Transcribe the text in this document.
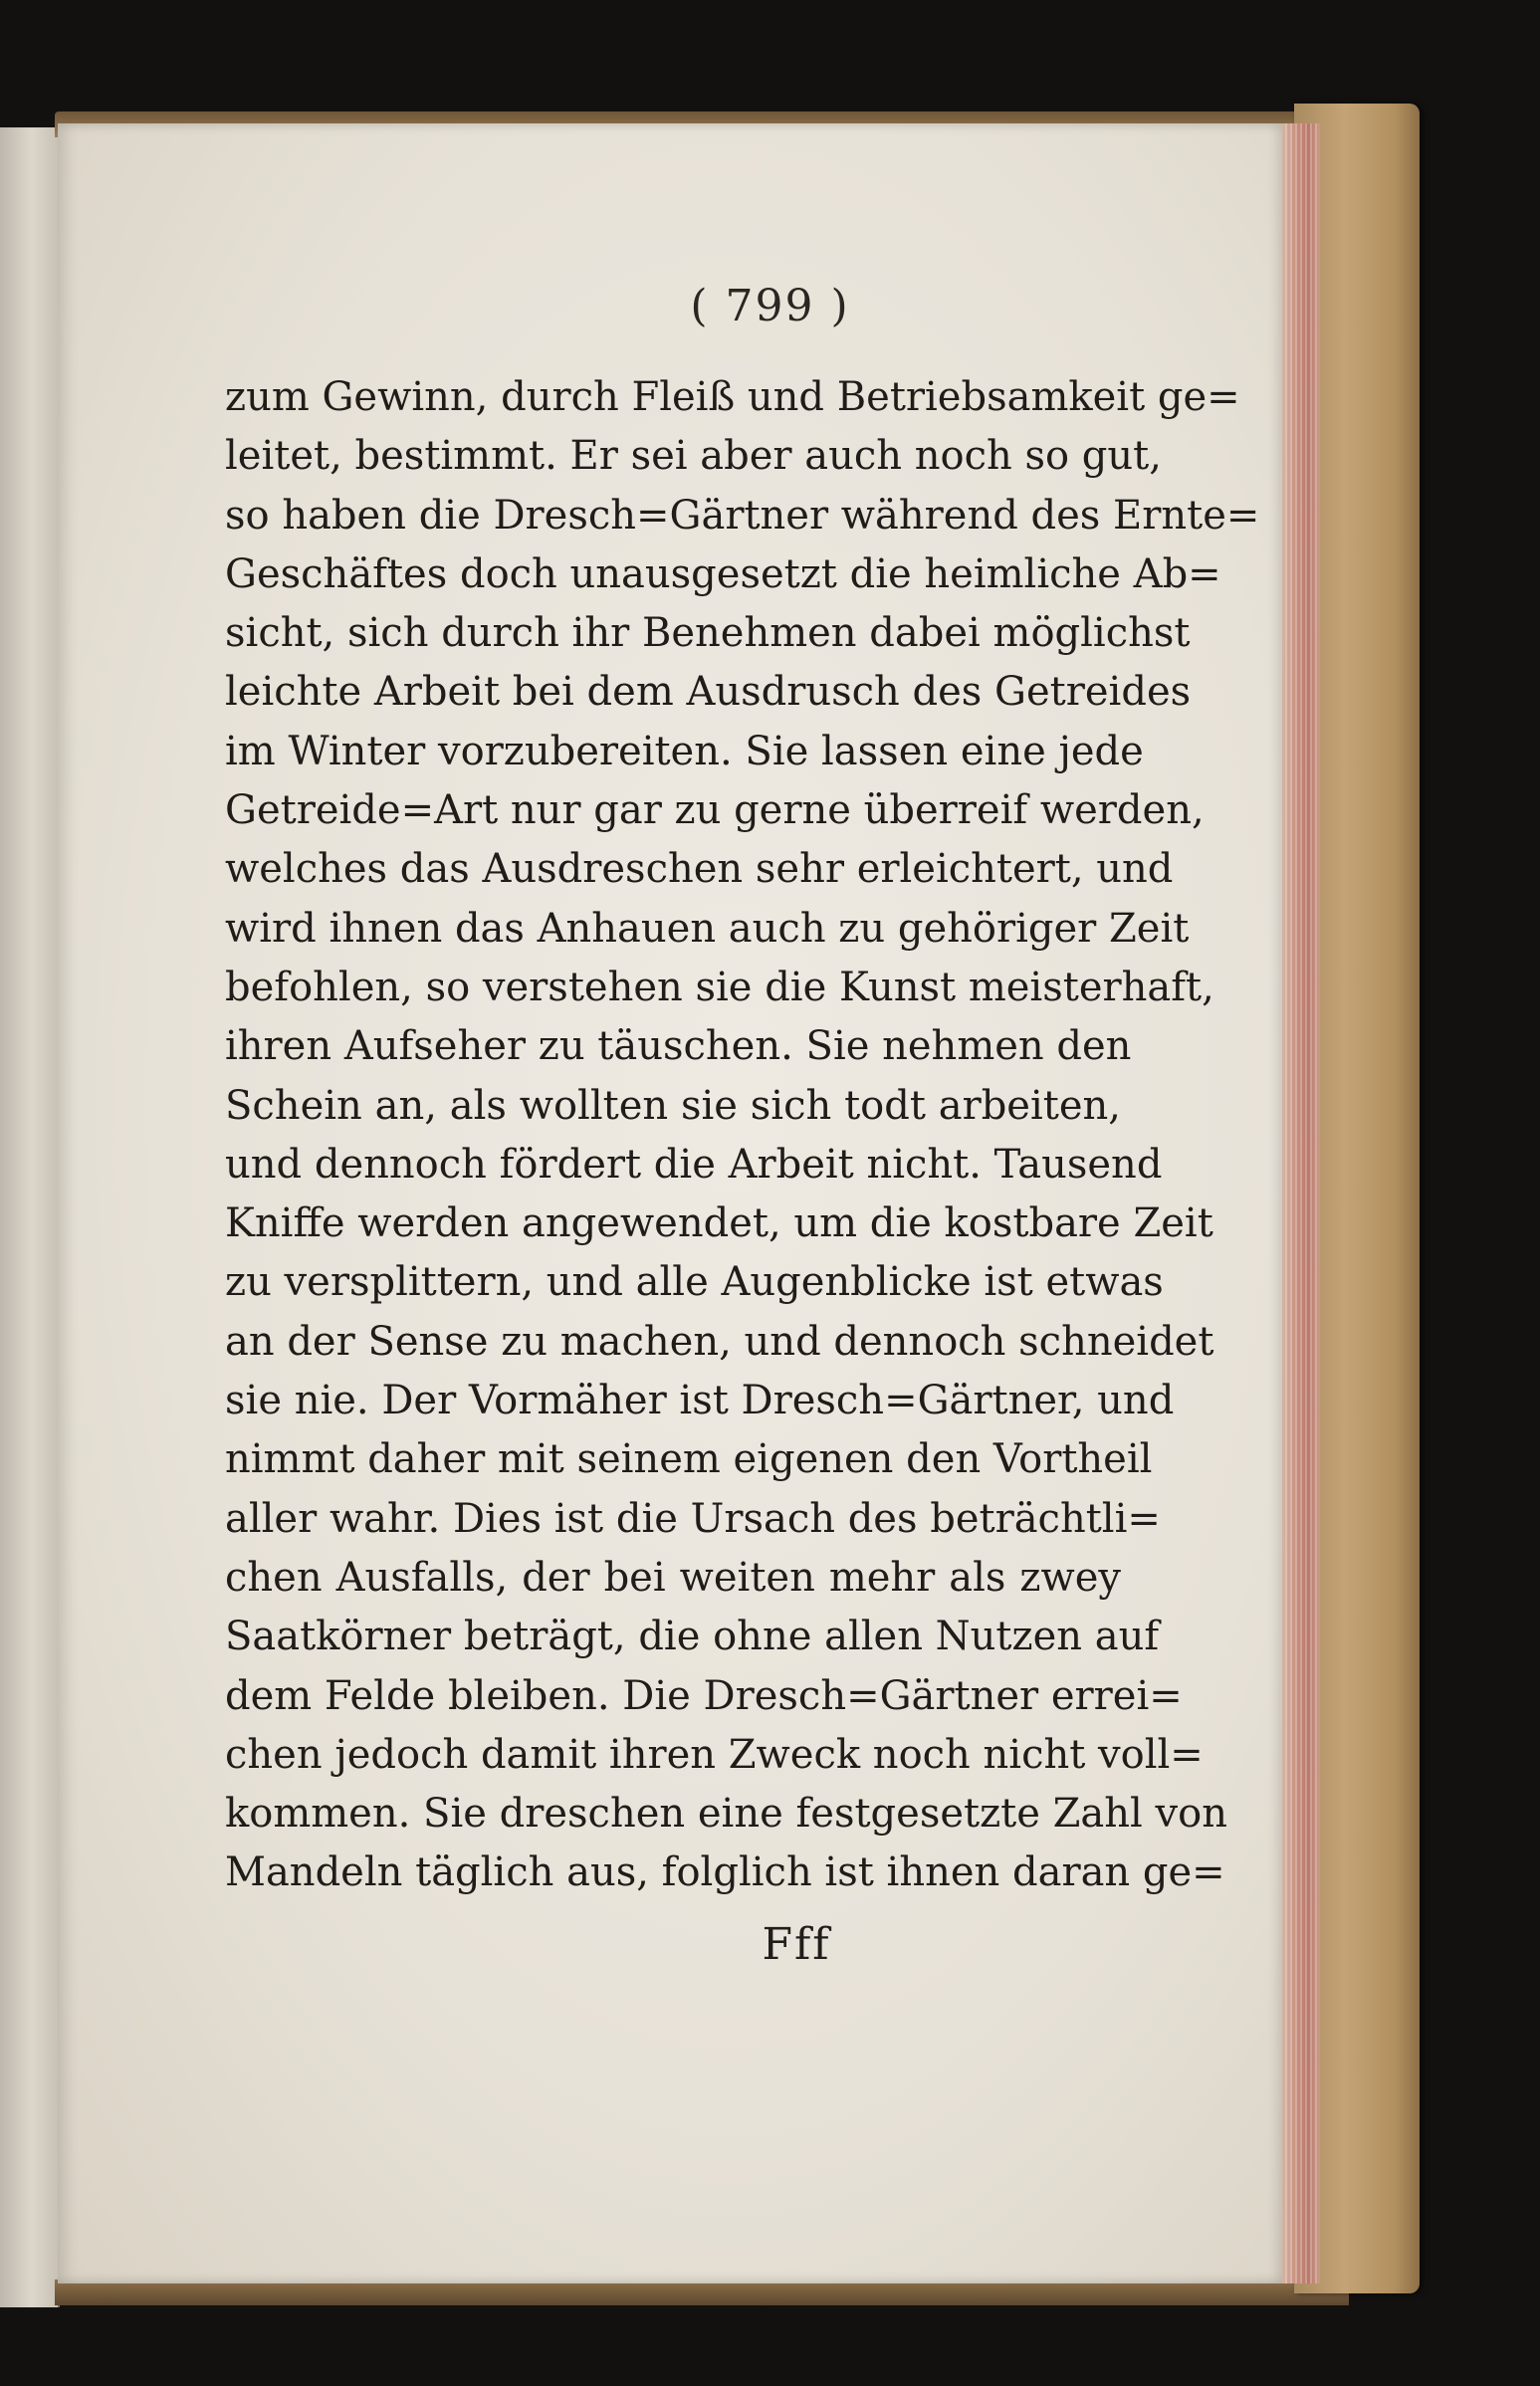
( 799 )
zum Gewinn, durch Fleiß und Betriebsamkeit ge=
leitet, bestimmt. Er sei aber auch noch so gut,
so haben die Dresch=Gärtner während des Ernte=
Geschäftes doch unausgesetzt die heimliche Ab=
sicht, sich durch ihr Benehmen dabei möglichst
leichte Arbeit bei dem Ausdrusch des Getreides
im Winter vorzubereiten. Sie lassen eine jede
Getreide=Art nur gar zu gerne überreif werden,
welches das Ausdreschen sehr erleichtert, und
wird ihnen das Anhauen auch zu gehöriger Zeit
befohlen, so verstehen sie die Kunst meisterhaft,
ihren Aufseher zu täuschen. Sie nehmen den
Schein an, als wollten sie sich todt arbeiten,
und dennoch fördert die Arbeit nicht. Tausend
Kniffe werden angewendet, um die kostbare Zeit
zu versplittern, und alle Augenblicke ist etwas
an der Sense zu machen, und dennoch schneidet
sie nie. Der Vormäher ist Dresch=Gärtner, und
nimmt daher mit seinem eigenen den Vortheil
aller wahr. Dies ist die Ursach des beträchtli=
chen Ausfalls, der bei weiten mehr als zwey
Saatkörner beträgt, die ohne allen Nutzen auf
dem Felde bleiben. Die Dresch=Gärtner errei=
chen jedoch damit ihren Zweck noch nicht voll=
kommen. Sie dreschen eine festgesetzte Zahl von
Mandeln täglich aus, folglich ist ihnen daran ge=
Fff
